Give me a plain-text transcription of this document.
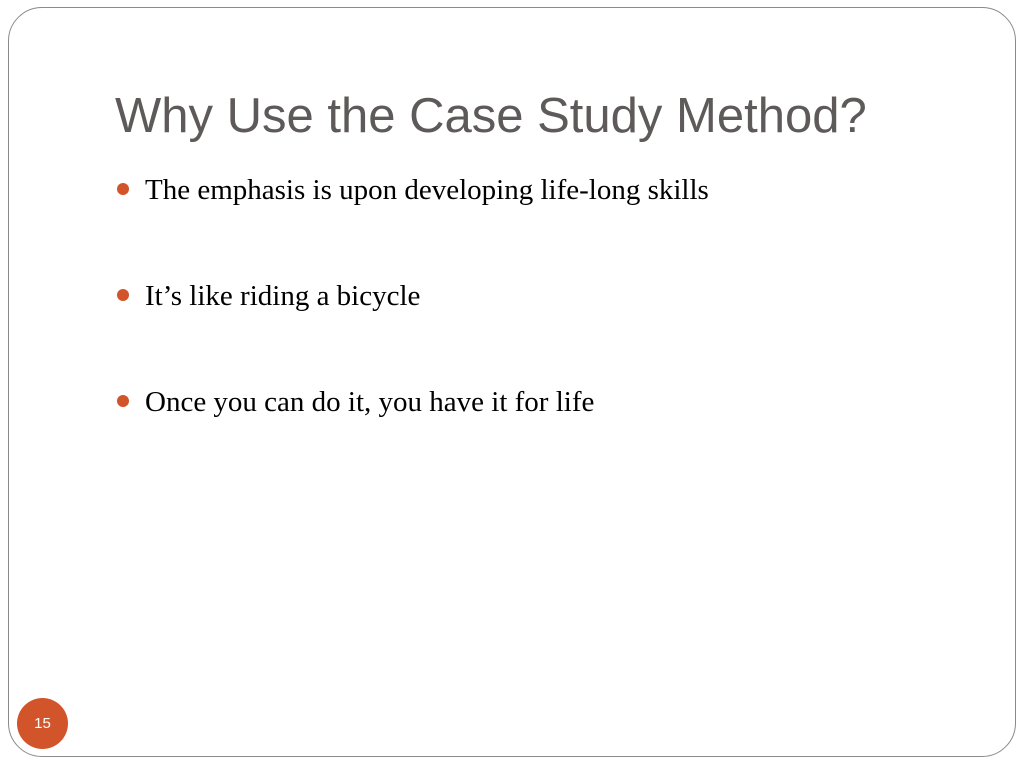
Why Use the Case Study Method?
The emphasis is upon developing life-long skills
It’s like riding a bicycle
Once you can do it, you have it for life
15
